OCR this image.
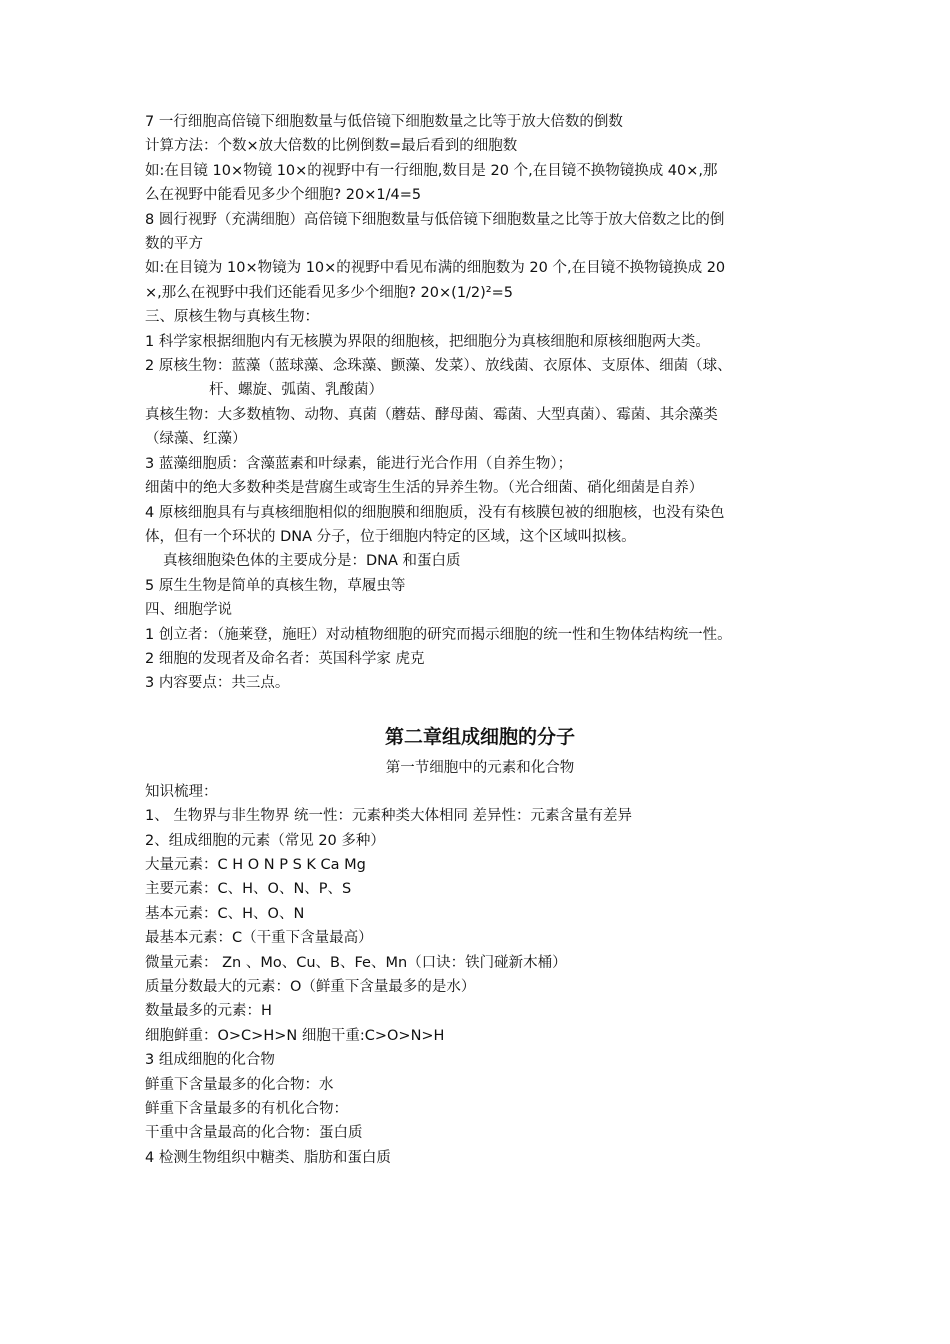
7 一行细胞高倍镜下细胞数量与低倍镜下细胞数量之比等于放大倍数的倒数
计算方法：个数×放大倍数的比例倒数=最后看到的细胞数
如:在目镜 10×物镜 10×的视野中有一行细胞,数目是 20 个,在目镜不换物镜换成 40×,那
么在视野中能看见多少个细胞? 20×1/4=5
8 圆行视野（充满细胞）高倍镜下细胞数量与低倍镜下细胞数量之比等于放大倍数之比的倒
数的平方
如:在目镜为 10×物镜为 10×的视野中看见布满的细胞数为 20 个,在目镜不换物镜换成 20
×,那么在视野中我们还能看见多少个细胞? 20×(1/2)²=5
三、原核生物与真核生物：
1 科学家根据细胞内有无核膜为界限的细胞核，把细胞分为真核细胞和原核细胞两大类。
2 原核生物：蓝藻（蓝球藻、念珠藻、颤藻、发菜）、放线菌、衣原体、支原体、细菌（球、
杆、螺旋、弧菌、乳酸菌）
真核生物：大多数植物、动物、真菌（蘑菇、酵母菌、霉菌、大型真菌）、霉菌、其余藻类
（绿藻、红藻）
3 蓝藻细胞质：含藻蓝素和叶绿素，能进行光合作用（自养生物）；
细菌中的绝大多数种类是营腐生或寄生生活的异养生物。（光合细菌、硝化细菌是自养）
4 原核细胞具有与真核细胞相似的细胞膜和细胞质，没有有核膜包被的细胞核，也没有染色
体，但有一个环状的 DNA 分子，位于细胞内特定的区域，这个区域叫拟核。
真核细胞染色体的主要成分是：DNA 和蛋白质
5 原生生物是简单的真核生物，草履虫等
四、细胞学说
1 创立者：（施莱登，施旺）对动植物细胞的研究而揭示细胞的统一性和生物体结构统一性。
2 细胞的发现者及命名者：英国科学家 虎克
3 内容要点：共三点。
第二章组成细胞的分子
第一节细胞中的元素和化合物
知识梳理：
1、 生物界与非生物界 统一性：元素种类大体相同 差异性：元素含量有差异
2、组成细胞的元素（常见 20 多种）
大量元素：C H O N P S K Ca Mg
主要元素：C、H、O、N、P、S
基本元素：C、H、O、N
最基本元素：C（干重下含量最高）
微量元素： Zn 、Mo、Cu、B、Fe、Mn（口诀：铁门碰新木桶）
质量分数最大的元素：O（鲜重下含量最多的是水）
数量最多的元素：H
细胞鲜重：O>C>H>N 细胞干重:C>O>N>H
3 组成细胞的化合物
鲜重下含量最多的化合物：水
鲜重下含量最多的有机化合物：
干重中含量最高的化合物：蛋白质
4 检测生物组织中糖类、脂肪和蛋白质
